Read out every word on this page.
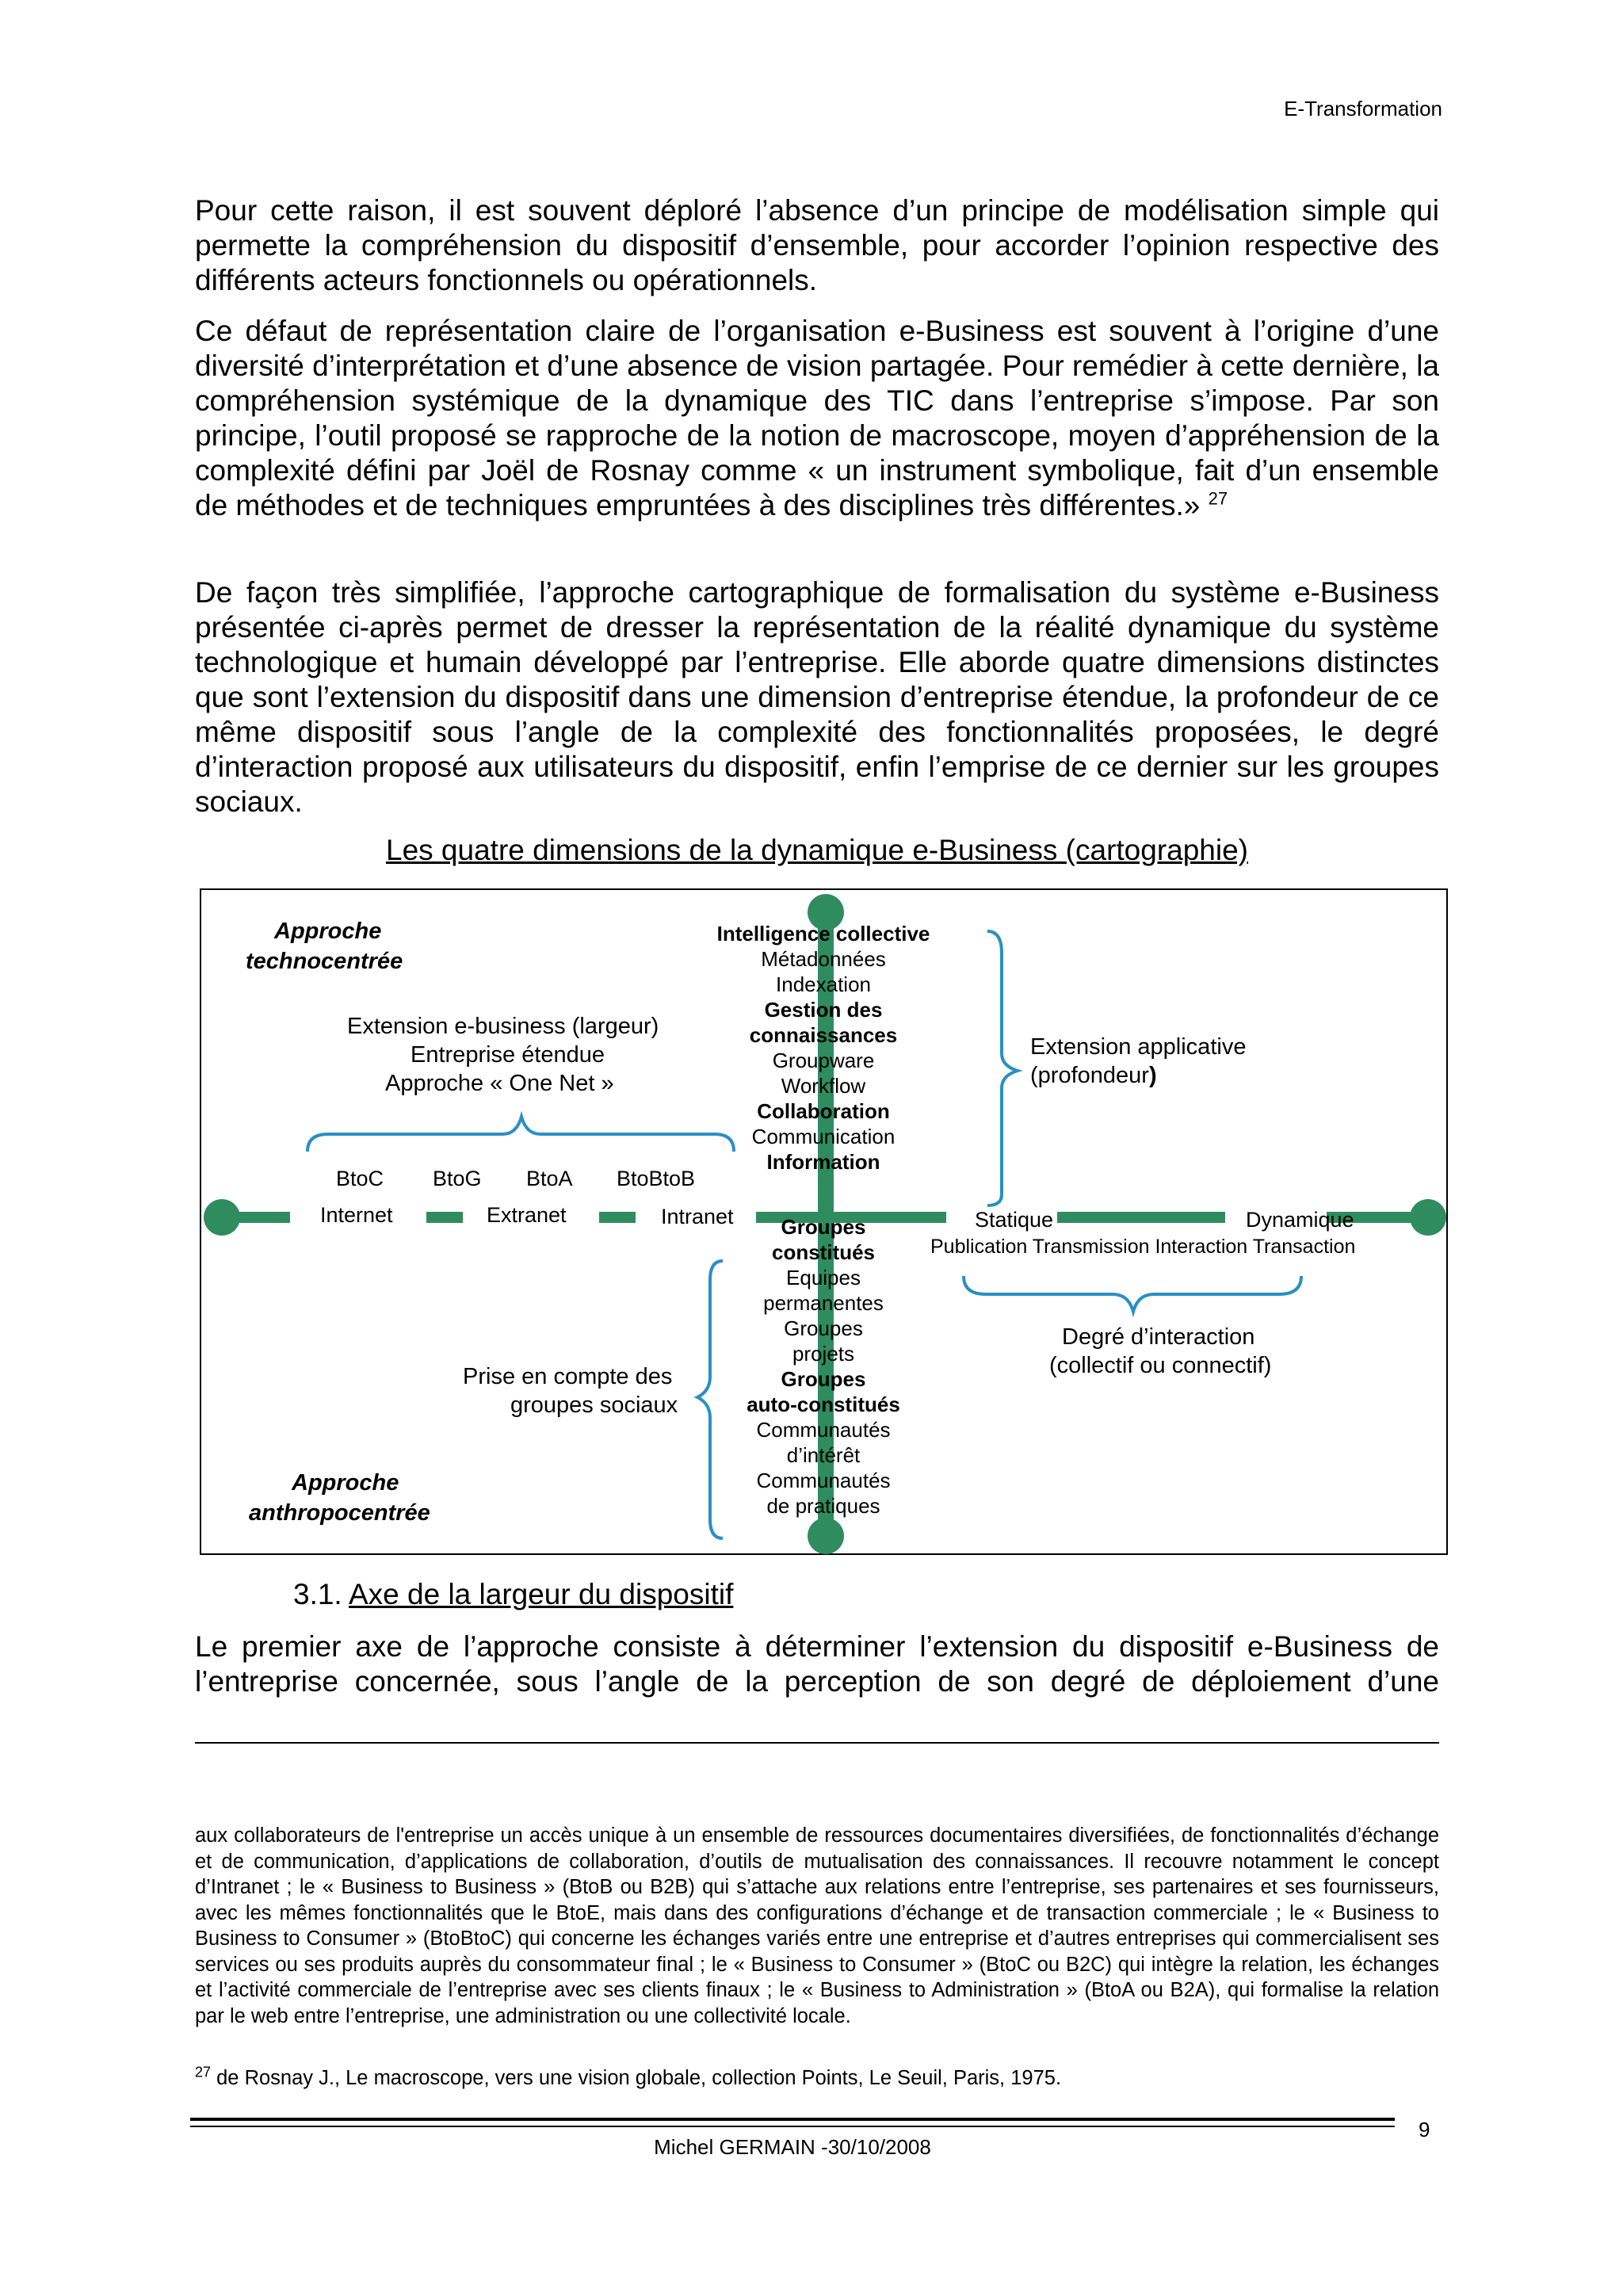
E-Transformation

Pour cette raison, il est souvent déploré l’absence d’un principe de modélisation simple qui permette la compréhension du dispositif d’ensemble, pour accorder l’opinion respective des différents acteurs fonctionnels ou opérationnels.

Ce défaut de représentation claire de l’organisation e-Business est souvent à l’origine d’une diversité d’interprétation et d’une absence de vision partagée. Pour remédier à cette dernière, la compréhension systémique de la dynamique des TIC dans l’entreprise s’impose. Par son principe, l’outil proposé se rapproche de la notion de macroscope, moyen d’appréhension de la complexité défini par Joël de Rosnay comme « un instrument symbolique, fait d’un ensemble de méthodes et de techniques empruntées à des disciplines très différentes.» $^{27}$

De façon très simplifiée, l’approche cartographique de formalisation du système e-Business présentée ci-après permet de dresser la représentation de la réalité dynamique du système technologique et humain développé par l’entreprise. Elle aborde quatre dimensions distinctes que sont l’extension du dispositif dans une dimension d’entreprise étendue, la profondeur de ce même dispositif sous l’angle de la complexité des fonctionnalités proposées, le degré d’interaction proposé aux utilisateurs du dispositif, enfin l’emprise de ce dernier sur les groupes sociaux.

Les quatre dimensions de la dynamique e-Business (cartographie)
Approche
technocentrée
Extension e-business (largeur)
Entreprise étendue
Approche « One Net »
BtoC BtoG BtoA BtoBtoB
Internet	Extranet	Intranet
Extension applicative
(profondeur)
Statique	Dynamique
Publication Transmission Interaction Transaction
Degré d’interaction
(collectif ou connectif)
Prise en compte des
groupes sociaux
Approche
anthropocentrée
Intelligence collective
Métadonnées
Indexation
Gestion des
connaissances
Groupware
Workflow
Collaboration
Communication
Information
Groupes
constitués
Equipes
permanentes
Groupes
projets
Groupes
auto-constitués
Communautés
d’intérêt
Communautés
de pratiques
3.1. Axe de la largeur du dispositif

Le premier axe de l’approche consiste à déterminer l’extension du dispositif e-Business de l’entreprise concernée, sous l’angle de la perception de son degré de déploiement d’une

aux collaborateurs de l'entreprise un accès unique à un ensemble de ressources documentaires diversifiées, de fonctionnalités d’échange et de communication, d’applications de collaboration, d’outils de mutualisation des connaissances. Il recouvre notamment le concept d’Intranet ; le « Business to Business » (BtoB ou B2B) qui s’attache aux relations entre l’entreprise, ses partenaires et ses fournisseurs, avec les mêmes fonctionnalités que le BtoE, mais dans des configurations d’échange et de transaction commerciale ; le « Business to Business to Consumer » (BtoBtoC) qui concerne les échanges variés entre une entreprise et d’autres entreprises qui commercialisent ses services ou ses produits auprès du consommateur final ; le « Business to Consumer » (BtoC ou B2C) qui intègre la relation, les échanges et l’activité commerciale de l’entreprise avec ses clients finaux ; le « Business to Administration » (BtoA ou B2A), qui formalise la relation par le web entre l’entreprise, une administration ou une collectivité locale.

$^{27}$ de Rosnay J., Le macroscope, vers une vision globale, collection Points, Le Seuil, Paris, 1975.

9
Michel GERMAIN -30/10/2008
